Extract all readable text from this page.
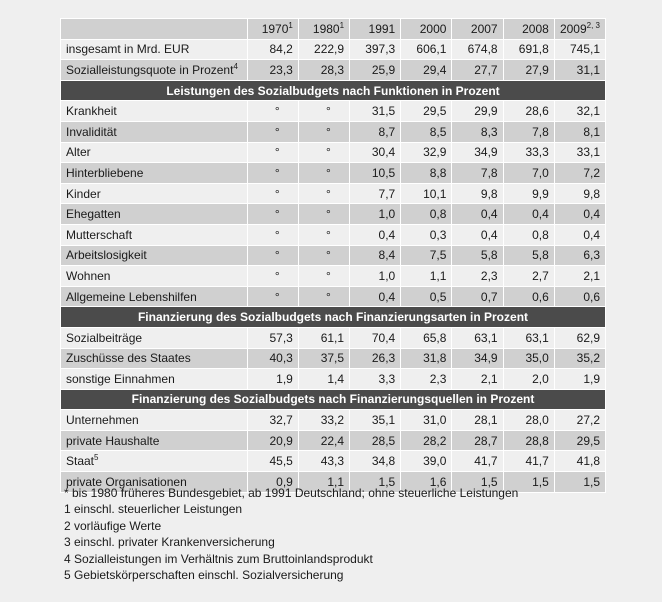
	1970$^1$	1980$^1$	1991	2000	2007	2008	2009$^{2, 3}$
insgesamt in Mrd. EUR	84,2	222,9	397,3	606,1	674,8	691,8	745,1
Sozialleistungsquote in Prozent$^4$	23,3	28,3	25,9	29,4	27,7	27,9	31,1
Leistungen des Sozialbudgets nach Funktionen in Prozent							
Krankheit	°	°	31,5	29,5	29,9	28,6	32,1
Invalidität	°	°	8,7	8,5	8,3	7,8	8,1
Alter	°	°	30,4	32,9	34,9	33,3	33,1
Hinterbliebene	°	°	10,5	8,8	7,8	7,0	7,2
Kinder	°	°	7,7	10,1	9,8	9,9	9,8
Ehegatten	°	°	1,0	0,8	0,4	0,4	0,4
Mutterschaft	°	°	0,4	0,3	0,4	0,8	0,4
Arbeitslosigkeit	°	°	8,4	7,5	5,8	5,8	6,3
Wohnen	°	°	1,0	1,1	2,3	2,7	2,1
Allgemeine Lebenshilfen	°	°	0,4	0,5	0,7	0,6	0,6
Finanzierung des Sozialbudgets nach Finanzierungsarten in Prozent							
Sozialbeiträge	57,3	61,1	70,4	65,8	63,1	63,1	62,9
Zuschüsse des Staates	40,3	37,5	26,3	31,8	34,9	35,0	35,2
sonstige Einnahmen	1,9	1,4	3,3	2,3	2,1	2,0	1,9
Finanzierung des Sozialbudgets nach Finanzierungsquellen in Prozent							
Unternehmen	32,7	33,2	35,1	31,0	28,1	28,0	27,2
private Haushalte	20,9	22,4	28,5	28,2	28,7	28,8	29,5
Staat$^5$	45,5	43,3	34,8	39,0	41,7	41,7	41,8
private Organisationen	0,9	1,1	1,5	1,6	1,5	1,5	1,5
* bis 1980 früheres Bundesgebiet, ab 1991 Deutschland; ohne steuerliche Leistungen
1 einschl. steuerlicher Leistungen
2 vorläufige Werte
3 einschl. privater Krankenversicherung
4 Sozialleistungen im Verhältnis zum Bruttoinlandsprodukt
5 Gebietskörperschaften einschl. Sozialversicherung
